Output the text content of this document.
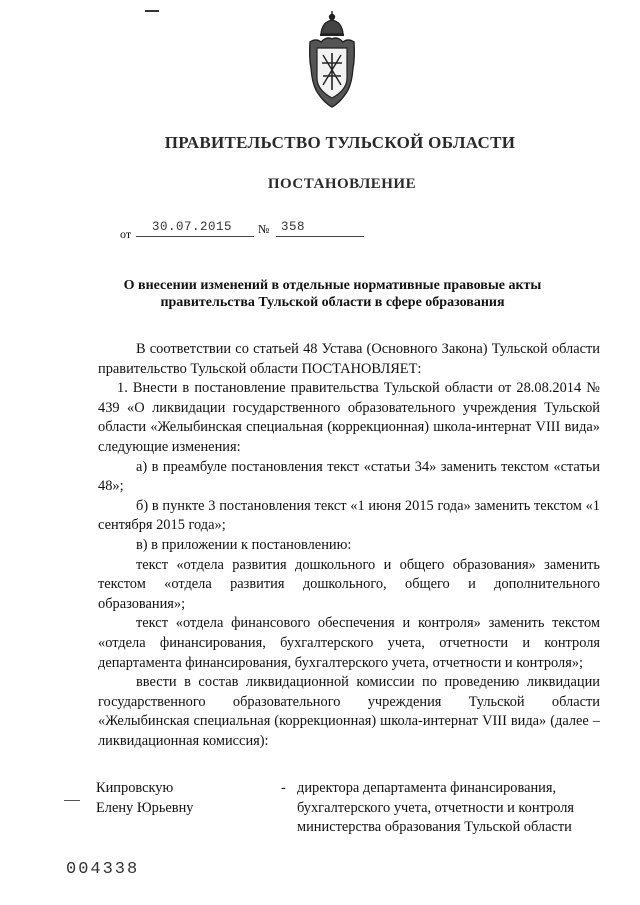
ПРАВИТЕЛЬСТВО ТУЛЬСКОЙ ОБЛАСТИ
ПОСТАНОВЛЕНИЕ
от 30.07.2015 № 358
О внесении изменений в отдельные нормативные правовые акты
правительства Тульской области в сфере образования

В соответствии со статьей 48 Устава (Основного Закона) Тульской области правительство Тульской области ПОСТАНОВЛЯЕТ:

1. Внести в постановление правительства Тульской области от 28.08.2014 № 439 «О ликвидации государственного образовательного учреждения Тульской области «Желыбинская специальная (коррекционная) школа-интернат VIII вида» следующие изменения:

а) в преамбуле постановления текст «статьи 34» заменить текстом «статьи 48»;

б) в пункте 3 постановления текст «1 июня 2015 года» заменить текстом «1 сентября 2015 года»;

в) в приложении к постановлению:

текст «отдела развития дошкольного и общего образования» заменить текстом «отдела развития дошкольного, общего и дополнительного образования»;

текст «отдела финансового обеспечения и контроля» заменить текстом «отдела финансирования, бухгалтерского учета, отчетности и контроля департамента финансирования, бухгалтерского учета, отчетности и контроля»;

ввести в состав ликвидационной комиссии по проведению ликвидации государственного образовательного учреждения Тульской области «Желыбинская специальная (коррекционная) школа-интернат VIII вида» (далее – ликвидационная комиссия):

Кипровскую
Елену Юрьевну
- директора департамента финансирования,
бухгалтерского учета, отчетности и контроля
министерства образования Тульской области
004338
